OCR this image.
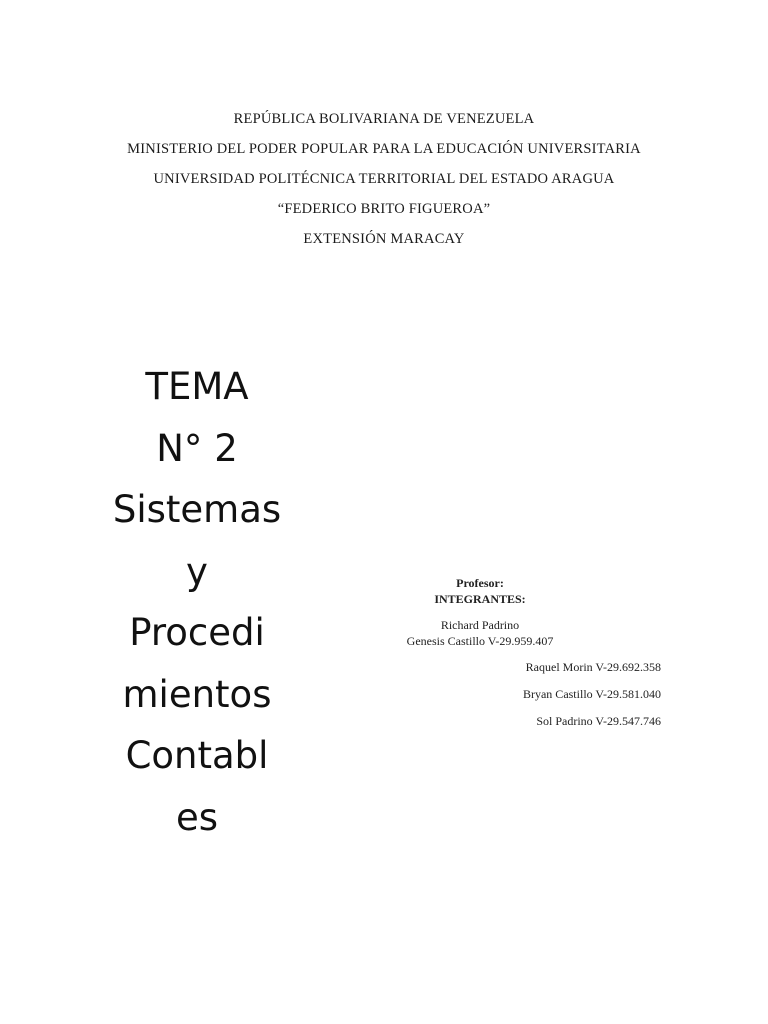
REPÚBLICA BOLIVARIANA DE VENEZUELA
MINISTERIO DEL PODER POPULAR PARA LA EDUCACIÓN UNIVERSITARIA
UNIVERSIDAD POLITÉCNICA TERRITORIAL DEL ESTADO ARAGUA
“FEDERICO BRITO FIGUEROA”
EXTENSIÓN MARACAY
TEMA
N° 2
Sistemas
y
Procedi
mientos
Contabl
es
Profesor:
INTEGRANTES:
Richard Padrino
Genesis Castillo V-29.959.407
Raquel Morin V-29.692.358
Bryan Castillo V-29.581.040
Sol Padrino V-29.547.746
